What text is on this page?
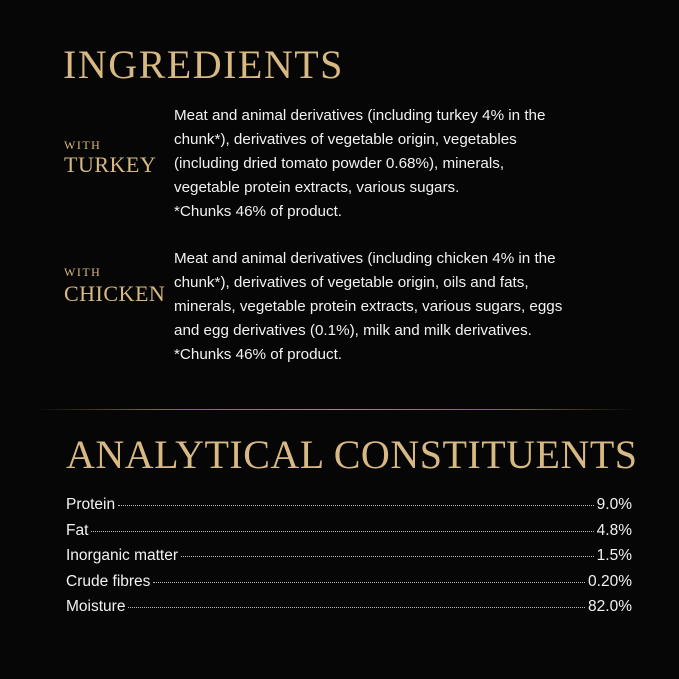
INGREDIENTS
WITH
TURKEY

Meat and animal derivatives (including turkey 4% in the
chunk*), derivatives of vegetable origin, vegetables
(including dried tomato powder 0.68%), minerals,
vegetable protein extracts, various sugars.
*Chunks 46% of product.

WITH
CHICKEN

Meat and animal derivatives (including chicken 4% in the
chunk*), derivatives of vegetable origin, oils and fats,
minerals, vegetable protein extracts, various sugars, eggs
and egg derivatives (0.1%), milk and milk derivatives.
*Chunks 46% of product.

ANALYTICAL CONSTITUENTS
Protein	9.0%
Fat	4.8%
Inorganic matter	1.5%
Crude fibres	0.20%
Moisture	82.0%
